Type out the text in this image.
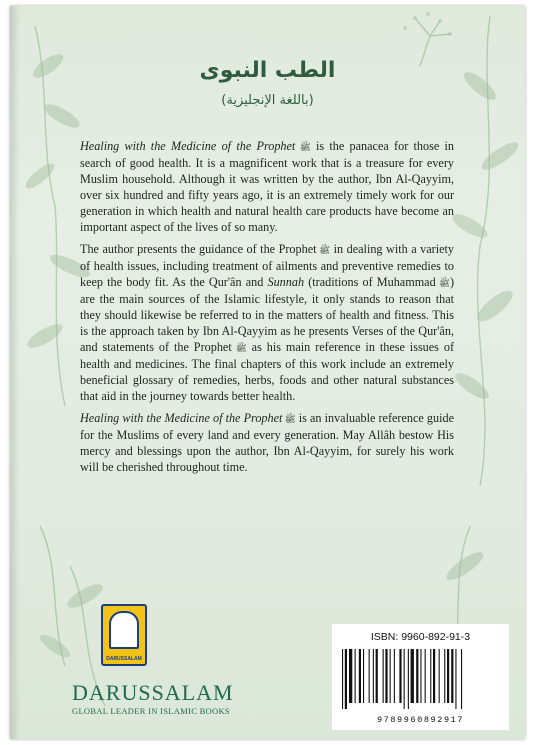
الطب النبوى
(باللغة الإنجليزية)

Healing with the Medicine of the Prophet ﷺ is the panacea for those in search of good health. It is a magnificent work that is a treasure for every Muslim household. Although it was written by the author, Ibn Al-Qayyim, over six hundred and fifty years ago, it is an extremely timely work for our generation in which health and natural health care products have become an important aspect of the lives of so many.

The author presents the guidance of the Prophet ﷺ in dealing with a variety of health issues, including treatment of ailments and preventive remedies to keep the body fit. As the Qur'ân and Sunnah (traditions of Muhammad ﷺ) are the main sources of the Islamic lifestyle, it only stands to reason that they should likewise be referred to in the matters of health and fitness. This is the approach taken by Ibn Al-Qayyim as he presents Verses of the Qur'ân, and statements of the Prophet ﷺ as his main reference in these issues of health and medicines. The final chapters of this work include an extremely beneficial glossary of remedies, herbs, foods and other natural substances that aid in the journey towards better health.

Healing with the Medicine of the Prophet ﷺ is an invaluable reference guide for the Muslims of every land and every generation. May Allâh bestow His mercy and blessings upon the author, Ibn Al-Qayyim, for surely his work will be cherished throughout time.

DARUSSALAM
DARUSSALAM
GLOBAL LEADER IN ISLAMIC BOOKS
ISBN: 9960-892-91-3
9789960892917
